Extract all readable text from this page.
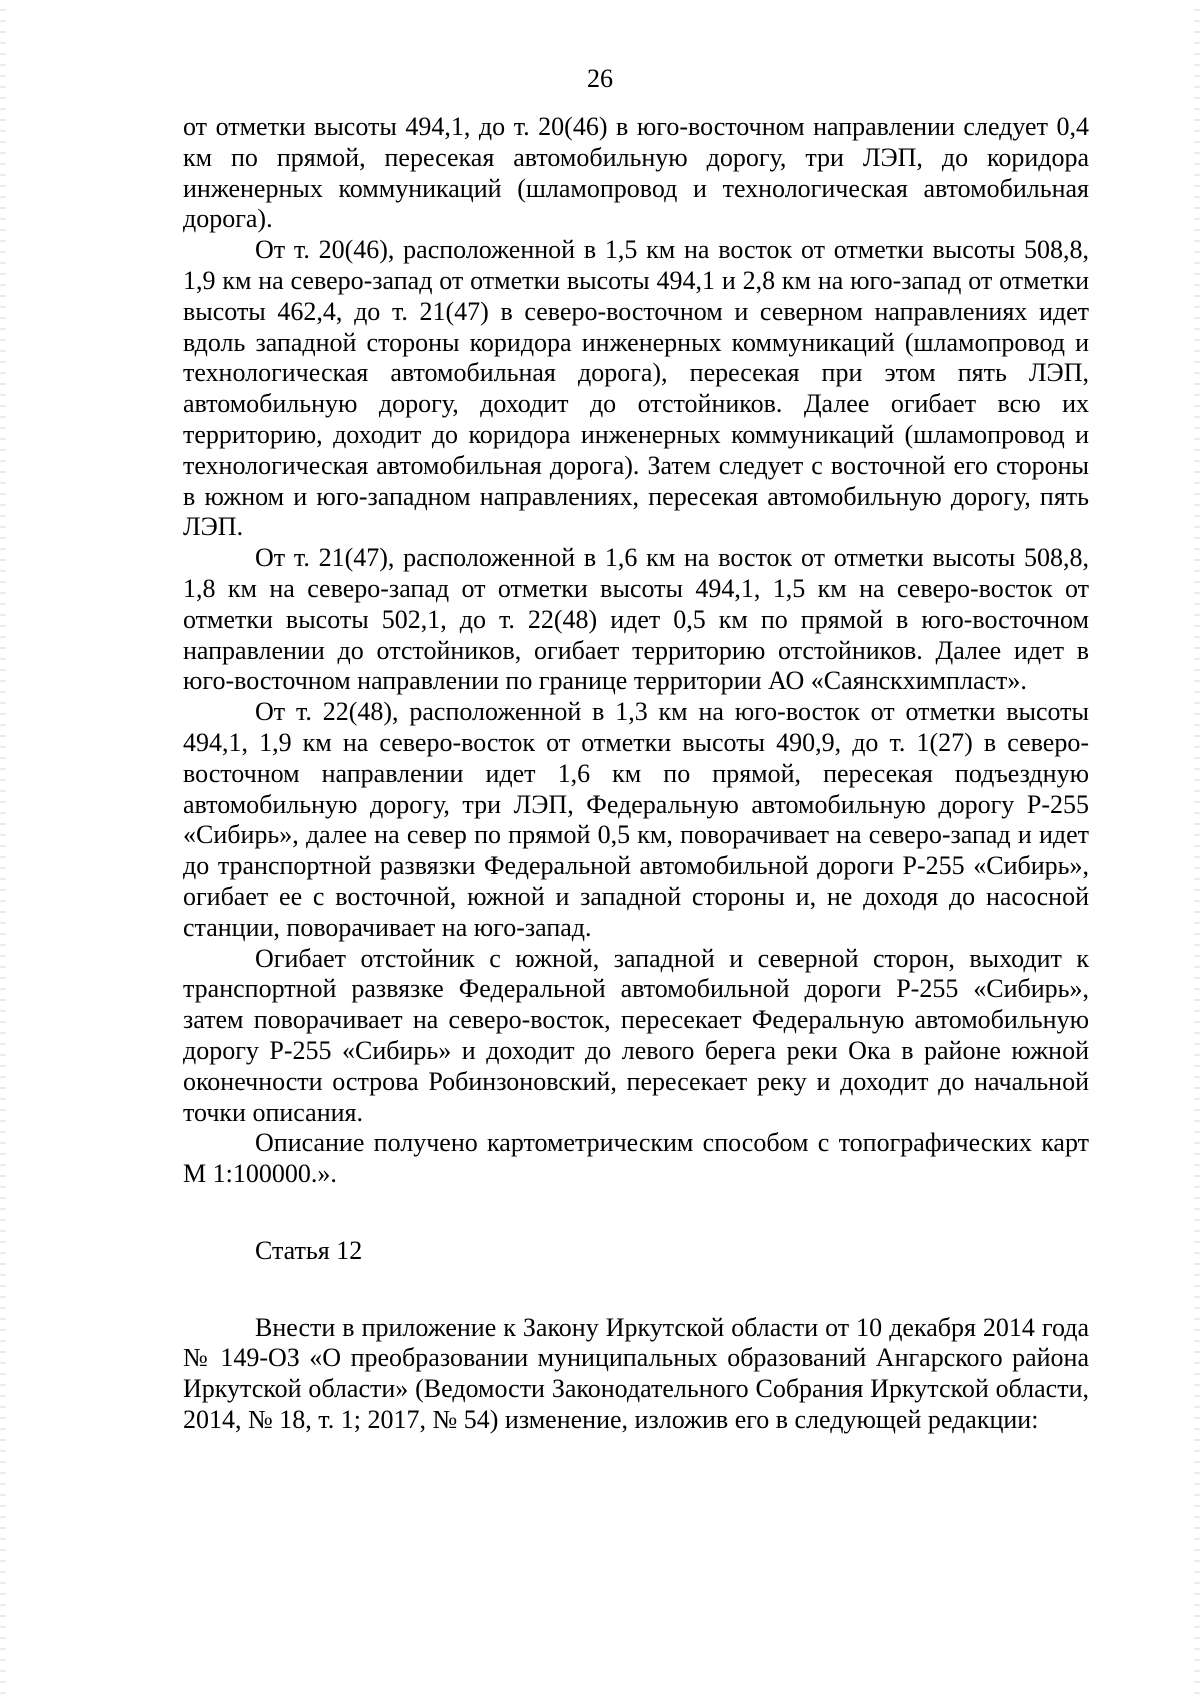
26

от отметки высоты 494,1, до т. 20(46) в юго-восточном направлении следует 0,4 км по прямой, пересекая автомобильную дорогу, три ЛЭП, до коридора инженерных коммуникаций (шламопровод и технологическая автомобильная дорога).

От т. 20(46), расположенной в 1,5 км на восток от отметки высоты 508,8, 1,9 км на северо-запад от отметки высоты 494,1 и 2,8 км на юго-запад от отметки высоты 462,4, до т. 21(47) в северо-восточном и северном направлениях идет вдоль западной стороны коридора инженерных коммуникаций (шламопровод и технологическая автомобильная дорога), пересекая при этом пять ЛЭП, автомобильную дорогу, доходит до отстойников. Далее огибает всю их территорию, доходит до коридора инженерных коммуникаций (шламопровод и технологическая автомобильная дорога). Затем следует с восточной его стороны в южном и юго-западном направлениях, пересекая автомобильную дорогу, пять ЛЭП.

От т. 21(47), расположенной в 1,6 км на восток от отметки высоты 508,8, 1,8 км на северо-запад от отметки высоты 494,1, 1,5 км на северо-восток от отметки высоты 502,1, до т. 22(48) идет 0,5 км по прямой в юго-восточном направлении до отстойников, огибает территорию отстойников. Далее идет в юго-восточном направлении по границе территории АО «Саянскхимпласт».

От т. 22(48), расположенной в 1,3 км на юго-восток от отметки высоты 494,1, 1,9 км на северо-восток от отметки высоты 490,9, до т. 1(27) в северо-восточном направлении идет 1,6 км по прямой, пересекая подъездную автомобильную дорогу, три ЛЭП, Федеральную автомобильную дорогу Р-255 «Сибирь», далее на север по прямой 0,5 км, поворачивает на северо-запад и идет до транспортной развязки Федеральной автомобильной дороги Р-255 «Сибирь», огибает ее с восточной, южной и западной стороны и, не доходя до насосной станции, поворачивает на юго-запад.

Огибает отстойник с южной, западной и северной сторон, выходит к транспортной развязке Федеральной автомобильной дороги Р-255 «Сибирь», затем поворачивает на северо-восток, пересекает Федеральную автомобильную дорогу Р-255 «Сибирь» и доходит до левого берега реки Ока в районе южной оконечности острова Робинзоновский, пересекает реку и доходит до начальной точки описания.

Описание получено картометрическим способом с топографических карт М 1:100000.».

Статья 12

Внести в приложение к Закону Иркутской области от 10 декабря 2014 года № 149-ОЗ «О преобразовании муниципальных образований Ангарского района Иркутской области» (Ведомости Законодательного Собрания Иркутской области, 2014, № 18, т. 1; 2017, № 54) изменение, изложив его в следующей редакции:
